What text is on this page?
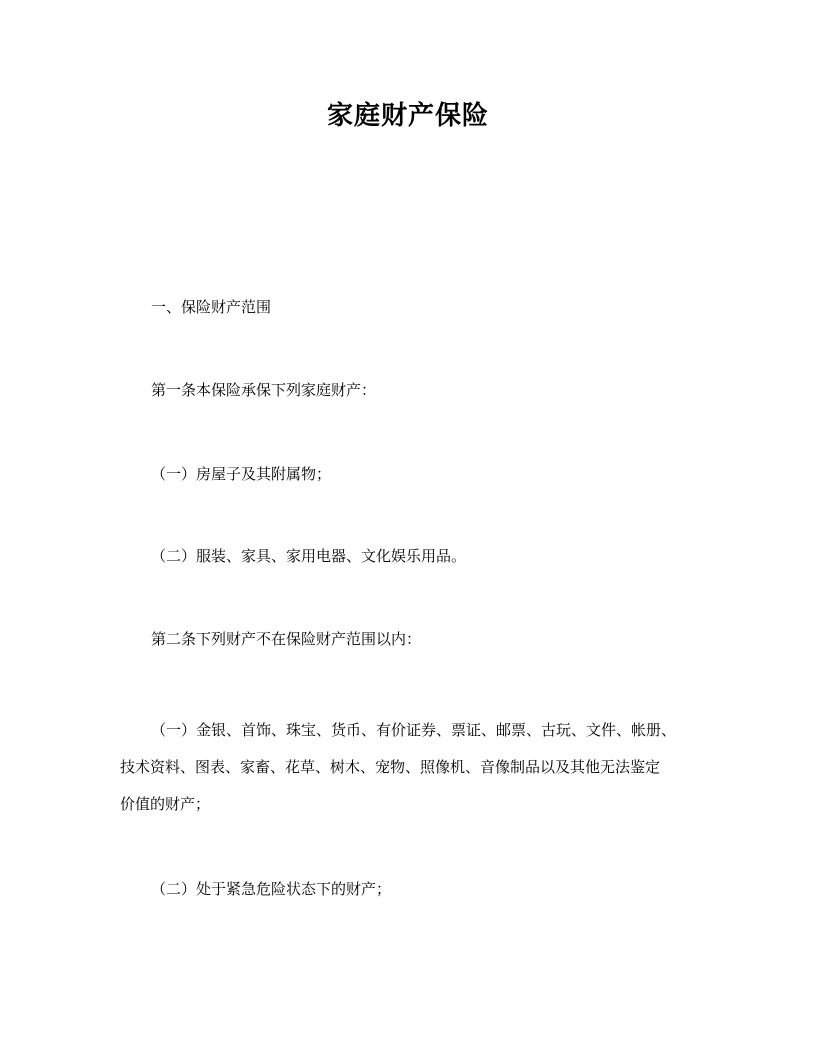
家庭财产保险

一、保险财产范围

第一条本保险承保下列家庭财产：

（一）房屋子及其附属物；

（二）服装、家具、家用电器、文化娱乐用品。

第二条下列财产不在保险财产范围以内：

（一）金银、首饰、珠宝、货币、有价证券、票证、邮票、古玩、文件、帐册、
技术资料、图表、家畜、花草、树木、宠物、照像机、音像制品以及其他无法鉴定
价值的财产；

（二）处于紧急危险状态下的财产；
